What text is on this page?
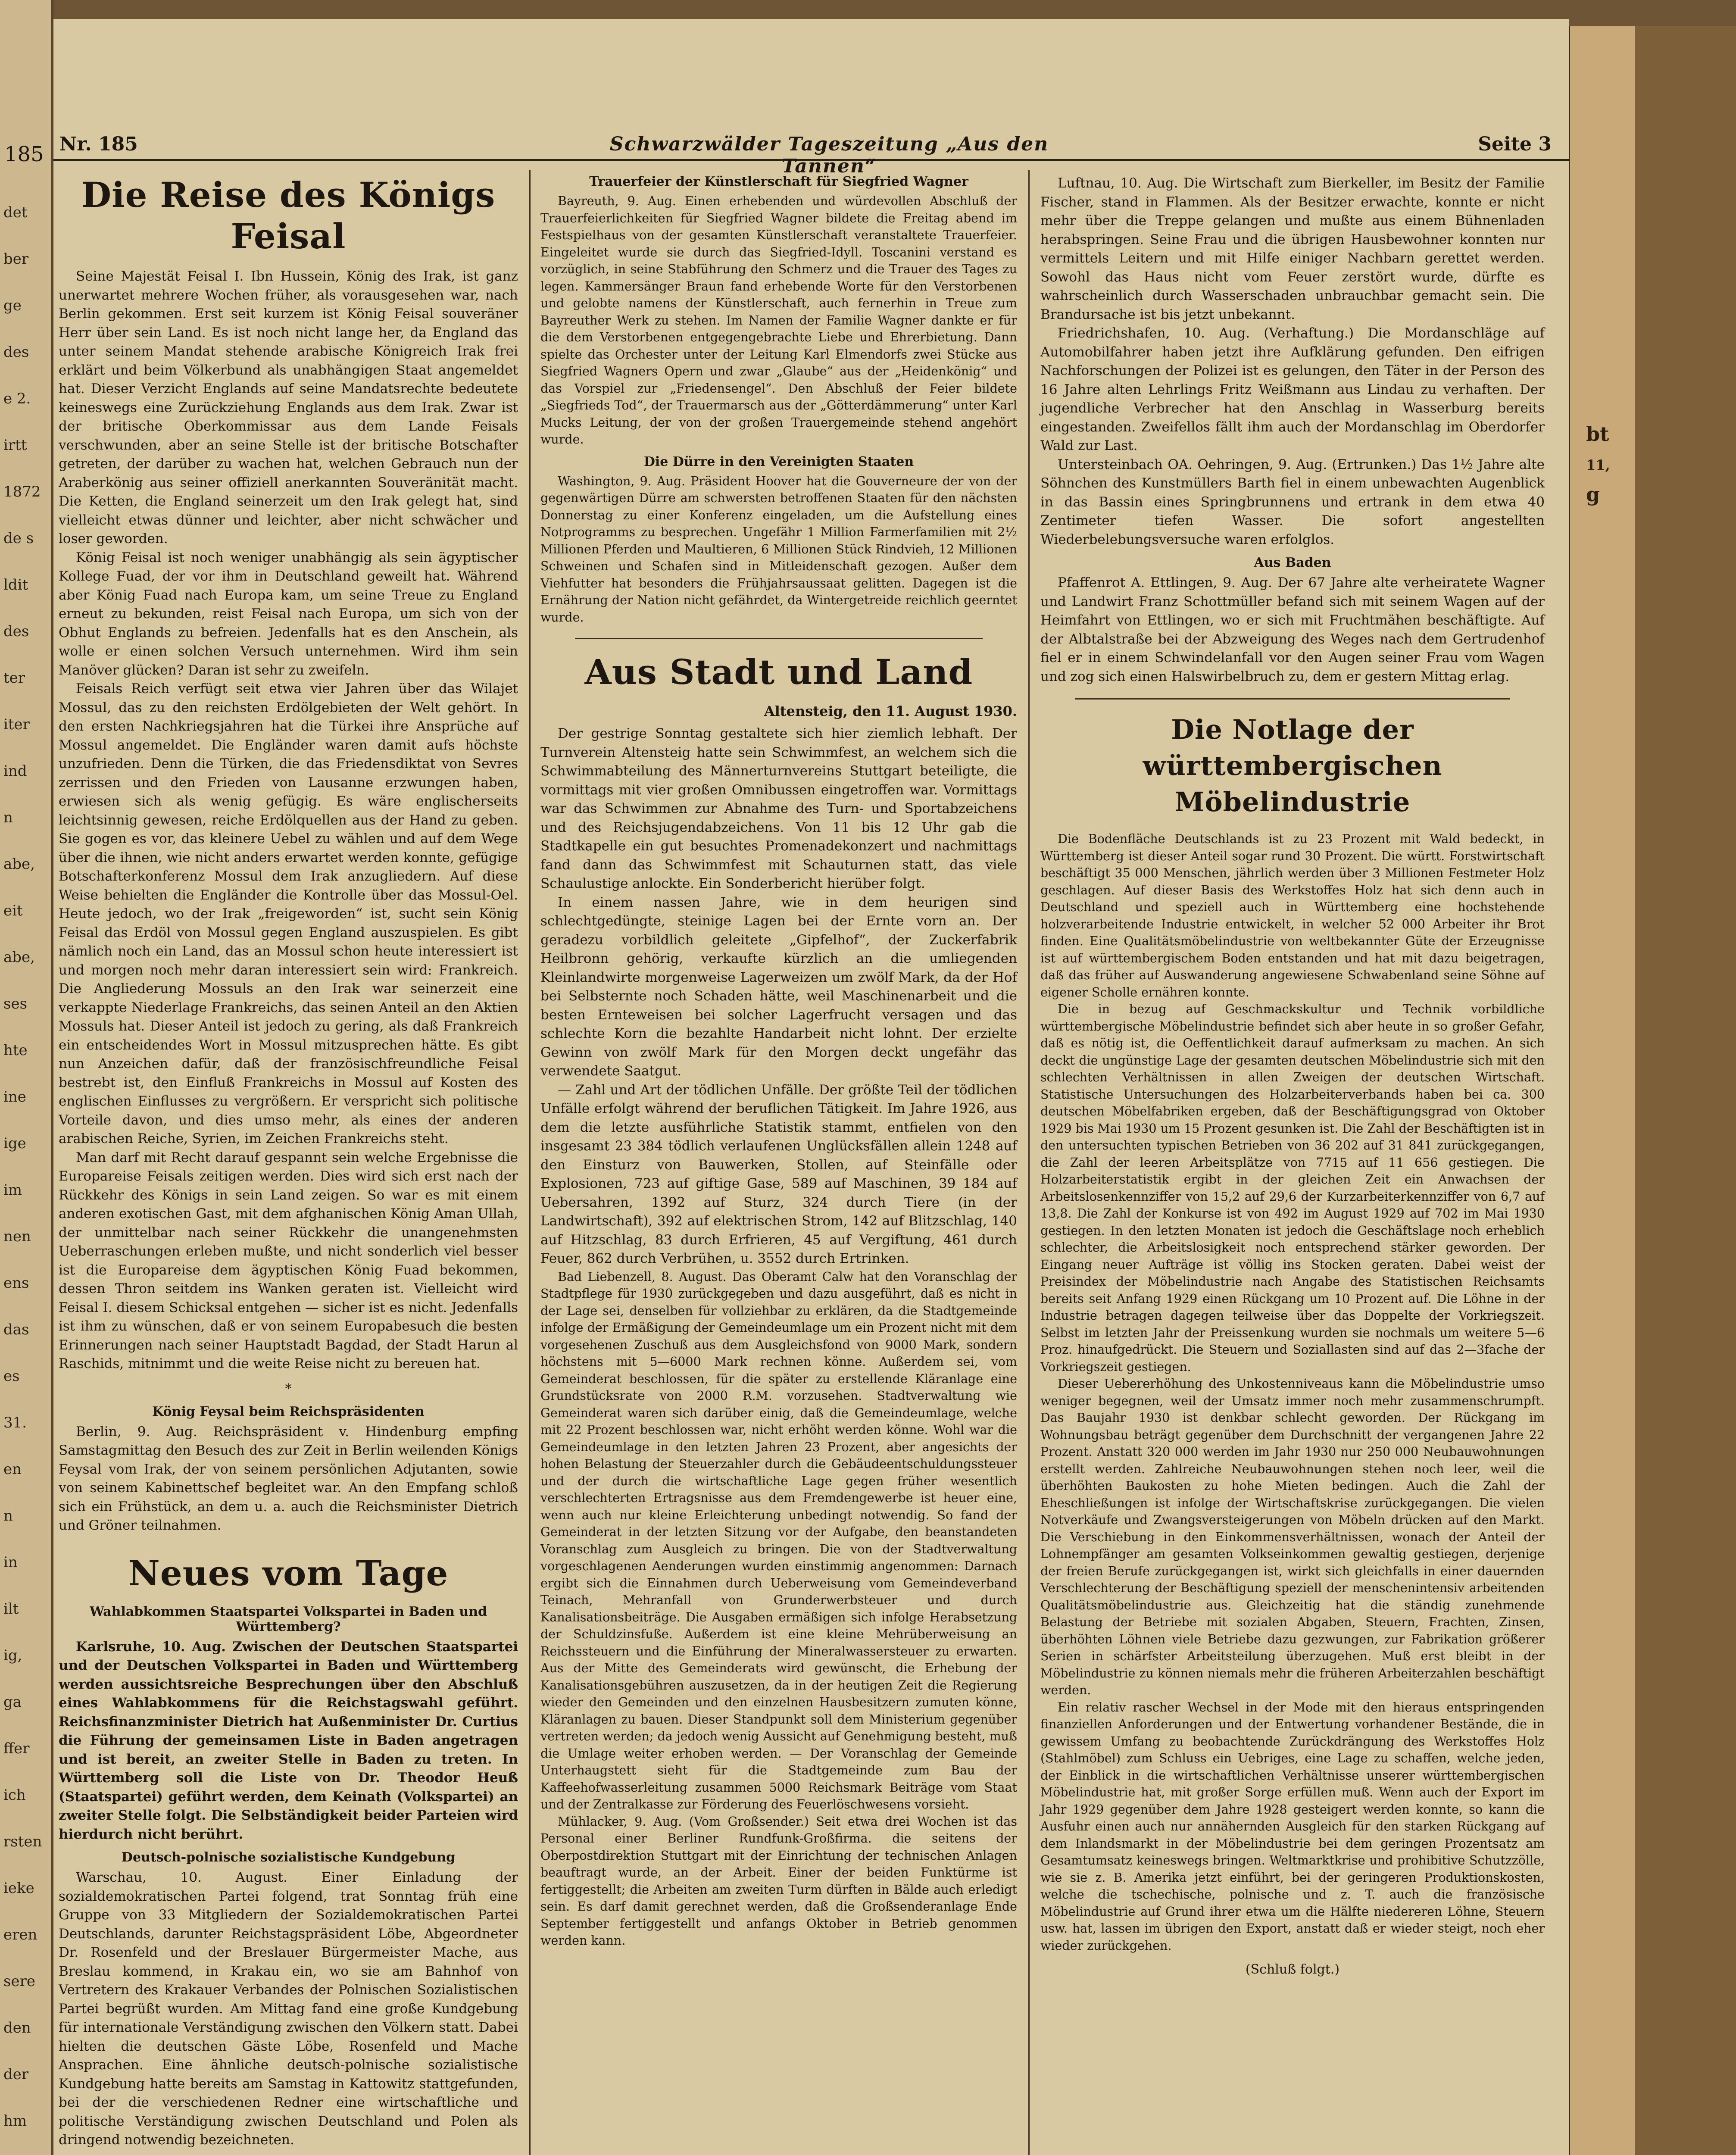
185
det
ber
ge
des
e 2.
irtt
1872
de s
ldit
des
ter
iter
ind
n
abe,
eit
abe,
ses
hte
ine
ige
im
nen
ens
das
es
31.
en
n
in
ilt
ig,
ga
ffer
ich
rsten
ieke
eren
sere
den
der
hm
bt
11,
g
Nr. 185	Schwarzwälder Tageszeitung „Aus den Tannen“
Seite 3
Die Reise des Königs Feisal

Seine Majestät Feisal I. Ibn Hussein, König des Irak, ist ganz unerwartet mehrere Wochen früher, als vorausgesehen war, nach Berlin gekommen. Erst seit kurzem ist König Feisal souveräner Herr über sein Land. Es ist noch nicht lange her, da England das unter seinem Mandat stehende arabische Königreich Irak frei erklärt und beim Völkerbund als unabhängigen Staat angemeldet hat. Dieser Verzicht Englands auf seine Mandatsrechte bedeutete keineswegs eine Zurückziehung Englands aus dem Irak. Zwar ist der britische Oberkommissar aus dem Lande Feisals verschwunden, aber an seine Stelle ist der britische Botschafter getreten, der darüber zu wachen hat, welchen Gebrauch nun der Araberkönig aus seiner offiziell anerkannten Souveränität macht. Die Ketten, die England seinerzeit um den Irak gelegt hat, sind vielleicht etwas dünner und leichter, aber nicht schwächer und loser geworden.

König Feisal ist noch weniger unabhängig als sein ägyptischer Kollege Fuad, der vor ihm in Deutschland geweilt hat. Während aber König Fuad nach Europa kam, um seine Treue zu England erneut zu bekunden, reist Feisal nach Europa, um sich von der Obhut Englands zu befreien. Jedenfalls hat es den Anschein, als wolle er einen solchen Versuch unternehmen. Wird ihm sein Manöver glücken? Daran ist sehr zu zweifeln.

Feisals Reich verfügt seit etwa vier Jahren über das Wilajet Mossul, das zu den reichsten Erdölgebieten der Welt gehört. In den ersten Nachkriegsjahren hat die Türkei ihre Ansprüche auf Mossul angemeldet. Die Engländer waren damit aufs höchste unzufrieden. Denn die Türken, die das Friedensdiktat von Sevres zerrissen und den Frieden von Lausanne erzwungen haben, erwiesen sich als wenig gefügig. Es wäre englischerseits leichtsinnig gewesen, reiche Erdölquellen aus der Hand zu geben. Sie gogen es vor, das kleinere Uebel zu wählen und auf dem Wege über die ihnen, wie nicht anders erwartet werden konnte, gefügige Botschafterkonferenz Mossul dem Irak anzugliedern. Auf diese Weise behielten die Engländer die Kontrolle über das Mossul-Oel. Heute jedoch, wo der Irak „freigeworden“ ist, sucht sein König Feisal das Erdöl von Mossul gegen England auszuspielen. Es gibt nämlich noch ein Land, das an Mossul schon heute interessiert ist und morgen noch mehr daran interessiert sein wird: Frankreich. Die Angliederung Mossuls an den Irak war seinerzeit eine verkappte Niederlage Frankreichs, das seinen Anteil an den Aktien Mossuls hat. Dieser Anteil ist jedoch zu gering, als daß Frankreich ein entscheidendes Wort in Mossul mitzusprechen hätte. Es gibt nun Anzeichen dafür, daß der französischfreundliche Feisal bestrebt ist, den Einfluß Frankreichs in Mossul auf Kosten des englischen Einflusses zu vergrößern. Er verspricht sich politische Vorteile davon, und dies umso mehr, als eines der anderen arabischen Reiche, Syrien, im Zeichen Frankreichs steht.

Man darf mit Recht darauf gespannt sein welche Ergebnisse die Europareise Feisals zeitigen werden. Dies wird sich erst nach der Rückkehr des Königs in sein Land zeigen. So war es mit einem anderen exotischen Gast, mit dem afghanischen König Aman Ullah, der unmittelbar nach seiner Rückkehr die unangenehmsten Ueberraschungen erleben mußte, und nicht sonderlich viel besser ist die Europareise dem ägyptischen König Fuad bekommen, dessen Thron seitdem ins Wanken geraten ist. Vielleicht wird Feisal I. diesem Schicksal entgehen — sicher ist es nicht. Jedenfalls ist ihm zu wünschen, daß er von seinem Europabesuch die besten Erinnerungen nach seiner Hauptstadt Bagdad, der Stadt Harun al Raschids, mitnimmt und die weite Reise nicht zu bereuen hat.

*
König Feysal beim Reichspräsidenten

Berlin, 9. Aug. Reichspräsident v. Hindenburg empfing Samstagmittag den Besuch des zur Zeit in Berlin weilenden Königs Feysal vom Irak, der von seinem persönlichen Adjutanten, sowie von seinem Kabinettschef begleitet war. An den Empfang schloß sich ein Frühstück, an dem u. a. auch die Reichsminister Dietrich und Gröner teilnahmen.

Neues vom Tage
Wahlabkommen Staatspartei Volkspartei in Baden und Württemberg?

Karlsruhe, 10. Aug. Zwischen der Deutschen Staatspartei und der Deutschen Volkspartei in Baden und Württemberg werden aussichtsreiche Besprechungen über den Abschluß eines Wahlabkommens für die Reichstagswahl geführt. Reichsfinanzminister Dietrich hat Außenminister Dr. Curtius die Führung der gemeinsamen Liste in Baden angetragen und ist bereit, an zweiter Stelle in Baden zu treten. In Württemberg soll die Liste von Dr. Theodor Heuß (Staatspartei) geführt werden, dem Keinath (Volkspartei) an zweiter Stelle folgt. Die Selbständigkeit beider Parteien wird hierdurch nicht berührt.

Deutsch-polnische sozialistische Kundgebung

Warschau, 10. August. Einer Einladung der sozialdemokratischen Partei folgend, trat Sonntag früh eine Gruppe von 33 Mitgliedern der Sozialdemokratischen Partei Deutschlands, darunter Reichstagspräsident Löbe, Abgeordneter Dr. Rosenfeld und der Breslauer Bürgermeister Mache, aus Breslau kommend, in Krakau ein, wo sie am Bahnhof von Vertretern des Krakauer Verbandes der Polnischen Sozialistischen Partei begrüßt wurden. Am Mittag fand eine große Kundgebung für internationale Verständigung zwischen den Völkern statt. Dabei hielten die deutschen Gäste Löbe, Rosenfeld und Mache Ansprachen. Eine ähnliche deutsch-polnische sozialistische Kundgebung hatte bereits am Samstag in Kattowitz stattgefunden, bei der die verschiedenen Redner eine wirtschaftliche und politische Verständigung zwischen Deutschland und Polen als dringend notwendig bezeichneten.

Trauerfeier der Künstlerschaft für Siegfried Wagner

Bayreuth, 9. Aug. Einen erhebenden und würdevollen Abschluß der Trauerfeierlichkeiten für Siegfried Wagner bildete die Freitag abend im Festspielhaus von der gesamten Künstlerschaft veranstaltete Trauerfeier. Eingeleitet wurde sie durch das Siegfried-Idyll. Toscanini verstand es vorzüglich, in seine Stabführung den Schmerz und die Trauer des Tages zu legen. Kammersänger Braun fand erhebende Worte für den Verstorbenen und gelobte namens der Künstlerschaft, auch fernerhin in Treue zum Bayreuther Werk zu stehen. Im Namen der Familie Wagner dankte er für die dem Verstorbenen entgegengebrachte Liebe und Ehrerbietung. Dann spielte das Orchester unter der Leitung Karl Elmendorfs zwei Stücke aus Siegfried Wagners Opern und zwar „Glaube“ aus der „Heidenkönig“ und das Vorspiel zur „Friedensengel“. Den Abschluß der Feier bildete „Siegfrieds Tod“, der Trauermarsch aus der „Götterdämmerung“ unter Karl Mucks Leitung, der von der großen Trauergemeinde stehend angehört wurde.

Die Dürre in den Vereinigten Staaten

Washington, 9. Aug. Präsident Hoover hat die Gouverneure der von der gegenwärtigen Dürre am schwersten betroffenen Staaten für den nächsten Donnerstag zu einer Konferenz eingeladen, um die Aufstellung eines Notprogramms zu besprechen. Ungefähr 1 Million Farmerfamilien mit 2½ Millionen Pferden und Maultieren, 6 Millionen Stück Rindvieh, 12 Millionen Schweinen und Schafen sind in Mitleidenschaft gezogen. Außer dem Viehfutter hat besonders die Frühjahrsaussaat gelitten. Dagegen ist die Ernährung der Nation nicht gefährdet, da Wintergetreide reichlich geerntet wurde.

Aus Stadt und Land
Altensteig, den 11. August 1930.

Der gestrige Sonntag gestaltete sich hier ziemlich lebhaft. Der Turnverein Altensteig hatte sein Schwimmfest, an welchem sich die Schwimmabteilung des Männerturnvereins Stuttgart beteiligte, die vormittags mit vier großen Omnibussen eingetroffen war. Vormittags war das Schwimmen zur Abnahme des Turn- und Sportabzeichens und des Reichsjugendabzeichens. Von 11 bis 12 Uhr gab die Stadtkapelle ein gut besuchtes Promenadekonzert und nachmittags fand dann das Schwimmfest mit Schauturnen statt, das viele Schaulustige anlockte. Ein Sonderbericht hierüber folgt.

In einem nassen Jahre, wie in dem heurigen sind schlechtgedüngte, steinige Lagen bei der Ernte vorn an. Der geradezu vorbildlich geleitete „Gipfelhof“, der Zuckerfabrik Heilbronn gehörig, verkaufte kürzlich an die umliegenden Kleinlandwirte morgenweise Lagerweizen um zwölf Mark, da der Hof bei Selbsternte noch Schaden hätte, weil Maschinenarbeit und die besten Ernteweisen bei solcher Lagerfrucht versagen und das schlechte Korn die bezahlte Handarbeit nicht lohnt. Der erzielte Gewinn von zwölf Mark für den Morgen deckt ungefähr das verwendete Saatgut.

— Zahl und Art der tödlichen Unfälle. Der größte Teil der tödlichen Unfälle erfolgt während der beruflichen Tätigkeit. Im Jahre 1926, aus dem die letzte ausführliche Statistik stammt, entfielen von den insgesamt 23 384 tödlich verlaufenen Unglücksfällen allein 1248 auf den Einsturz von Bauwerken, Stollen, auf Steinfälle oder Explosionen, 723 auf giftige Gase, 589 auf Maschinen, 39 184 auf Uebersahren, 1392 auf Sturz, 324 durch Tiere (in der Landwirtschaft), 392 auf elektrischen Strom, 142 auf Blitzschlag, 140 auf Hitzschlag, 83 durch Erfrieren, 45 auf Vergiftung, 461 durch Feuer, 862 durch Verbrühen, u. 3552 durch Ertrinken.

Bad Liebenzell, 8. August. Das Oberamt Calw hat den Voranschlag der Stadtpflege für 1930 zurückgegeben und dazu ausgeführt, daß es nicht in der Lage sei, denselben für vollziehbar zu erklären, da die Stadtgemeinde infolge der Ermäßigung der Gemeindeumlage um ein Prozent nicht mit dem vorgesehenen Zuschuß aus dem Ausgleichsfond von 9000 Mark, sondern höchstens mit 5—6000 Mark rechnen könne. Außerdem sei, vom Gemeinderat beschlossen, für die später zu erstellende Kläranlage eine Grundstücksrate von 2000 R.M. vorzusehen. Stadtverwaltung wie Gemeinderat waren sich darüber einig, daß die Gemeindeumlage, welche mit 22 Prozent beschlossen war, nicht erhöht werden könne. Wohl war die Gemeindeumlage in den letzten Jahren 23 Prozent, aber angesichts der hohen Belastung der Steuerzahler durch die Gebäudeentschuldungssteuer und der durch die wirtschaftliche Lage gegen früher wesentlich verschlechterten Ertragsnisse aus dem Fremdengewerbe ist heuer eine, wenn auch nur kleine Erleichterung unbedingt notwendig. So fand der Gemeinderat in der letzten Sitzung vor der Aufgabe, den beanstandeten Voranschlag zum Ausgleich zu bringen. Die von der Stadtverwaltung vorgeschlagenen Aenderungen wurden einstimmig angenommen: Darnach ergibt sich die Einnahmen durch Ueberweisung vom Gemeindeverband Teinach, Mehranfall von Grunderwerbsteuer und durch Kanalisationsbeiträge. Die Ausgaben ermäßigen sich infolge Herabsetzung der Schuldzinsfuße. Außerdem ist eine kleine Mehrüberweisung an Reichssteuern und die Einführung der Mineralwassersteuer zu erwarten. Aus der Mitte des Gemeinderats wird gewünscht, die Erhebung der Kanalisationsgebühren auszusetzen, da in der heutigen Zeit die Regierung wieder den Gemeinden und den einzelnen Hausbesitzern zumuten könne, Kläranlagen zu bauen. Dieser Standpunkt soll dem Ministerium gegenüber vertreten werden; da jedoch wenig Aussicht auf Genehmigung besteht, muß die Umlage weiter erhoben werden. — Der Voranschlag der Gemeinde Unterhaugstett sieht für die Stadtgemeinde zum Bau der Kaffeehofwasserleitung zusammen 5000 Reichsmark Beiträge vom Staat und der Zentralkasse zur Förderung des Feuerlöschwesens vorsieht.

Mühlacker, 9. Aug. (Vom Großsender.) Seit etwa drei Wochen ist das Personal einer Berliner Rundfunk-Großfirma. die seitens der Oberpostdirektion Stuttgart mit der Einrichtung der technischen Anlagen beauftragt wurde, an der Arbeit. Einer der beiden Funktürme ist fertiggestellt; die Arbeiten am zweiten Turm dürften in Bälde auch erledigt sein. Es darf damit gerechnet werden, daß die Großsenderanlage Ende September fertiggestellt und anfangs Oktober in Betrieb genommen werden kann.

Luftnau, 10. Aug. Die Wirtschaft zum Bierkeller, im Besitz der Familie Fischer, stand in Flammen. Als der Besitzer erwachte, konnte er nicht mehr über die Treppe gelangen und mußte aus einem Bühnenladen herabspringen. Seine Frau und die übrigen Hausbewohner konnten nur vermittels Leitern und mit Hilfe einiger Nachbarn gerettet werden. Sowohl das Haus nicht vom Feuer zerstört wurde, dürfte es wahrscheinlich durch Wasserschaden unbrauchbar gemacht sein. Die Brandursache ist bis jetzt unbekannt.

Friedrichshafen, 10. Aug. (Verhaftung.) Die Mordanschläge auf Automobilfahrer haben jetzt ihre Aufklärung gefunden. Den eifrigen Nachforschungen der Polizei ist es gelungen, den Täter in der Person des 16 Jahre alten Lehrlings Fritz Weißmann aus Lindau zu verhaften. Der jugendliche Verbrecher hat den Anschlag in Wasserburg bereits eingestanden. Zweifellos fällt ihm auch der Mordanschlag im Oberdorfer Wald zur Last.

Untersteinbach OA. Oehringen, 9. Aug. (Ertrunken.) Das 1½ Jahre alte Söhnchen des Kunstmüllers Barth fiel in einem unbewachten Augenblick in das Bassin eines Springbrunnens und ertrank in dem etwa 40 Zentimeter tiefen Wasser. Die sofort angestellten Wiederbelebungsversuche waren erfolglos.

Aus Baden

Pfaffenrot A. Ettlingen, 9. Aug. Der 67 Jahre alte verheiratete Wagner und Landwirt Franz Schottmüller befand sich mit seinem Wagen auf der Heimfahrt von Ettlingen, wo er sich mit Fruchtmähen beschäftigte. Auf der Albtalstraße bei der Abzweigung des Weges nach dem Gertrudenhof fiel er in einem Schwindelanfall vor den Augen seiner Frau vom Wagen und zog sich einen Halswirbelbruch zu, dem er gestern Mittag erlag.

Die Notlage der württembergischen Möbelindustrie

Die Bodenfläche Deutschlands ist zu 23 Prozent mit Wald bedeckt, in Württemberg ist dieser Anteil sogar rund 30 Prozent. Die württ. Forstwirtschaft beschäftigt 35 000 Menschen, jährlich werden über 3 Millionen Festmeter Holz geschlagen. Auf dieser Basis des Werkstoffes Holz hat sich denn auch in Deutschland und speziell auch in Württemberg eine hochstehende holzverarbeitende Industrie entwickelt, in welcher 52 000 Arbeiter ihr Brot finden. Eine Qualitätsmöbelindustrie von weltbekannter Güte der Erzeugnisse ist auf württembergischem Boden entstanden und hat mit dazu beigetragen, daß das früher auf Auswanderung angewiesene Schwabenland seine Söhne auf eigener Scholle ernähren konnte.

Die in bezug auf Geschmackskultur und Technik vorbildliche württembergische Möbelindustrie befindet sich aber heute in so großer Gefahr, daß es nötig ist, die Oeffentlichkeit darauf aufmerksam zu machen. An sich deckt die ungünstige Lage der gesamten deutschen Möbelindustrie sich mit den schlechten Verhältnissen in allen Zweigen der deutschen Wirtschaft. Statistische Untersuchungen des Holzarbeiterverbands haben bei ca. 300 deutschen Möbelfabriken ergeben, daß der Beschäftigungsgrad von Oktober 1929 bis Mai 1930 um 15 Prozent gesunken ist. Die Zahl der Beschäftigten ist in den untersuchten typischen Betrieben von 36 202 auf 31 841 zurückgegangen, die Zahl der leeren Arbeitsplätze von 7715 auf 11 656 gestiegen. Die Holzarbeiterstatistik ergibt in der gleichen Zeit ein Anwachsen der Arbeitslosenkennziffer von 15,2 auf 29,6 der Kurzarbeiterkennziffer von 6,7 auf 13,8. Die Zahl der Konkurse ist von 492 im August 1929 auf 702 im Mai 1930 gestiegen. In den letzten Monaten ist jedoch die Geschäftslage noch erheblich schlechter, die Arbeitslosigkeit noch entsprechend stärker geworden. Der Eingang neuer Aufträge ist völlig ins Stocken geraten. Dabei weist der Preisindex der Möbelindustrie nach Angabe des Statistischen Reichsamts bereits seit Anfang 1929 einen Rückgang um 10 Prozent auf. Die Löhne in der Industrie betragen dagegen teilweise über das Doppelte der Vorkriegszeit. Selbst im letzten Jahr der Preissenkung wurden sie nochmals um weitere 5—6 Proz. hinaufgedrückt. Die Steuern und Soziallasten sind auf das 2—3fache der Vorkriegszeit gestiegen.

Dieser Uebererhöhung des Unkostenniveaus kann die Möbelindustrie umso weniger begegnen, weil der Umsatz immer noch mehr zusammenschrumpft. Das Baujahr 1930 ist denkbar schlecht geworden. Der Rückgang im Wohnungsbau beträgt gegenüber dem Durchschnitt der vergangenen Jahre 22 Prozent. Anstatt 320 000 werden im Jahr 1930 nur 250 000 Neubauwohnungen erstellt werden. Zahlreiche Neubauwohnungen stehen noch leer, weil die überhöhten Baukosten zu hohe Mieten bedingen. Auch die Zahl der Eheschließungen ist infolge der Wirtschaftskrise zurückgegangen. Die vielen Notverkäufe und Zwangsversteigerungen von Möbeln drücken auf den Markt. Die Verschiebung in den Einkommensverhältnissen, wonach der Anteil der Lohnempfänger am gesamten Volkseinkommen gewaltig gestiegen, derjenige der freien Berufe zurückgegangen ist, wirkt sich gleichfalls in einer dauernden Verschlechterung der Beschäftigung speziell der menschenintensiv arbeitenden Qualitätsmöbelindustrie aus. Gleichzeitig hat die ständig zunehmende Belastung der Betriebe mit sozialen Abgaben, Steuern, Frachten, Zinsen, überhöhten Löhnen viele Betriebe dazu gezwungen, zur Fabrikation größerer Serien in schärfster Arbeitsteilung überzugehen. Muß erst bleibt in der Möbelindustrie zu können niemals mehr die früheren Arbeiterzahlen beschäftigt werden.

Ein relativ rascher Wechsel in der Mode mit den hieraus entspringenden finanziellen Anforderungen und der Entwertung vorhandener Bestände, die in gewissem Umfang zu beobachtende Zurückdrängung des Werkstoffes Holz (Stahlmöbel) zum Schluss ein Uebriges, eine Lage zu schaffen, welche jeden, der Einblick in die wirtschaftlichen Verhältnisse unserer württembergischen Möbelindustrie hat, mit großer Sorge erfüllen muß. Wenn auch der Export im Jahr 1929 gegenüber dem Jahre 1928 gesteigert werden konnte, so kann die Ausfuhr einen auch nur annähernden Ausgleich für den starken Rückgang auf dem Inlandsmarkt in der Möbelindustrie bei dem geringen Prozentsatz am Gesamtumsatz keineswegs bringen. Weltmarktkrise und prohibitive Schutzzölle, wie sie z. B. Amerika jetzt einführt, bei der geringeren Produktionskosten, welche die tschechische, polnische und z. T. auch die französische Möbelindustrie auf Grund ihrer etwa um die Hälfte niedereren Löhne, Steuern usw. hat, lassen im übrigen den Export, anstatt daß er wieder steigt, noch eher wieder zurückgehen.

(Schluß folgt.)
